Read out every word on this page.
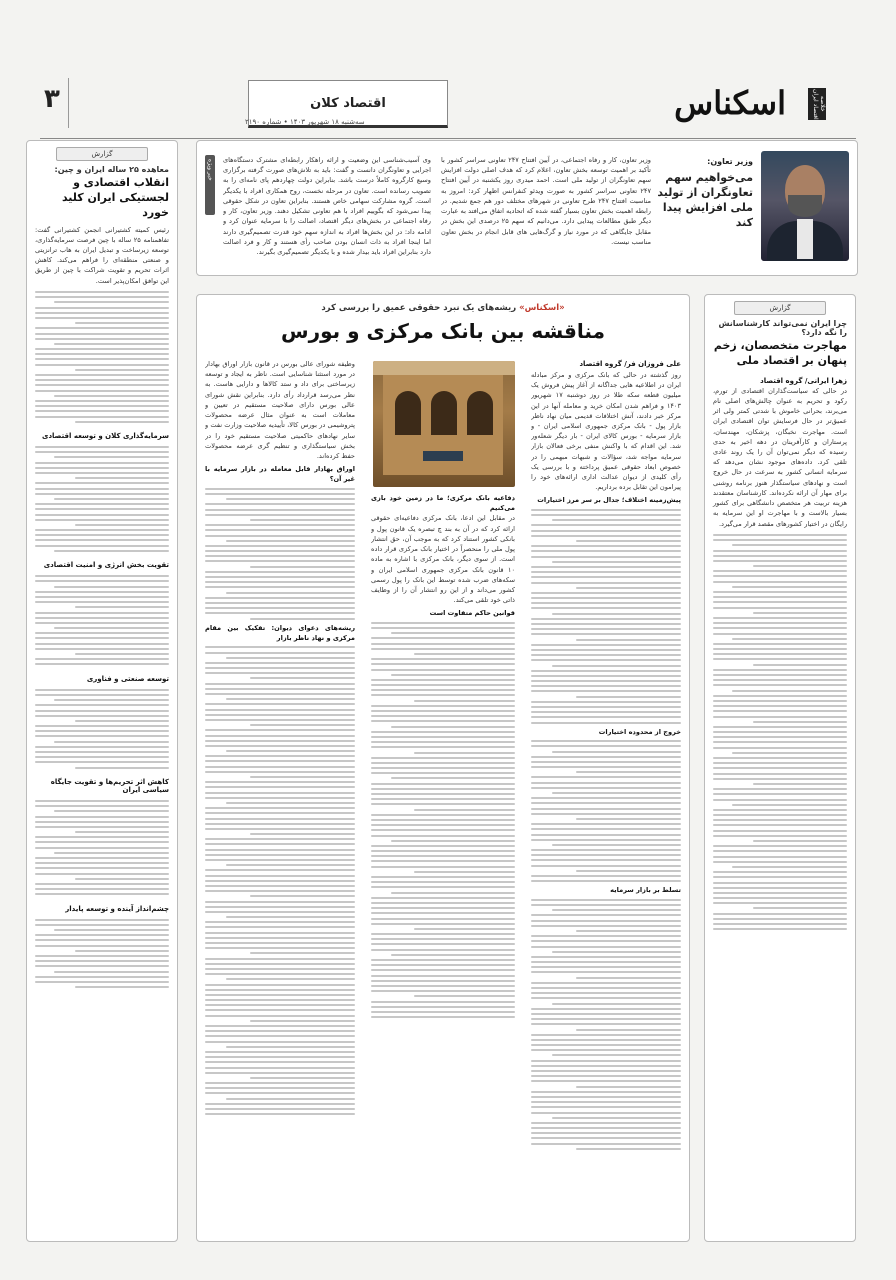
اسکناس	خلاصه اقتصاد ایران
۳	اقتصاد کلان
سه‌شنبه ۱۸ شهریور ۱۴۰۳ • شماره ۲۱۹۰
وزیر تعاون:
می‌خواهیم سهم تعاونگران از تولید ملی افزایش پیدا کند
وزیر تعاون، کار و رفاه اجتماعی، در آیین افتتاح ۲۴۷ تعاونی سراسر کشور با تأکید بر اهمیت توسعه بخش تعاون، اعلام کرد که هدف اصلی دولت افزایش سهم تعاونگران از تولید ملی است. احمد میدری روز یکشنبه در آیین افتتاح ۲۴۷ تعاونی سراسر کشور به صورت ویدئو کنفرانس اظهار کرد: امروز به مناسبت افتتاح ۲۴۷ طرح تعاونی در شهرهای مختلف دور هم جمع شدیم. در رابطه اهمیت بخش تعاون بسیار گفته شده که اتحادیه اتفاق می‌افتد به عبارت دیگر طبق مطالعات پیدایی دارد. می‌دانیم که سهم ۲۵ درصدی این بخش در مقابل جایگاهی که در مورد نیاز و گرگ‌هایی های قابل انجام در بخش تعاون مناسب نیست.
وی آسیب‌شناسی این وضعیت و ارائه راهکار رابطه‌ای مشترک دستگاه‌های اجرایی و تعاونگران دانست و گفت: باید به تلاش‌های صورت گرفته برگزاری وسیع کارگروه کاملاً درست باشد. بنابراین دولت چهاردهم پای نامه‌ای را به تصویب رسانده است. تعاون در مرحله نخست، روح همکاری افراد با یکدیگر است. گروه مشارکت سهامی خاص هستند. بنابراین تعاون در شکل حقوقی پیدا نمی‌شود که بگوییم افراد با هم تعاونی تشکیل دهند. وزیر تعاون، کار و رفاه اجتماعی در بخش‌های دیگر اقتصاد، اصالت را با سرمایه عنوان کرد و ادامه داد: در این بخش‌ها افراد به اندازه سهم خود قدرت تصمیم‌گیری دارند اما اینجا افراد به ذات انسان بودن صاحب رأی هستند و کار و فرد اصالت دارد بنابراین افراد باید بیدار شده و با یکدیگر تصمیم‌گیری بگیرند.
خبر ویژه
گزارش
چرا ایران نمی‌تواند کارشناسانش را نگه دارد؟
مهاجرت متخصصان، زخم پنهان بر اقتصاد ملی
زهرا ایرانی/ گروه اقتصاد
در حالی که سیاست‌گذاران اقتصادی از تورم، رکود و تحریم به عنوان چالش‌های اصلی نام می‌برند، بحرانی خاموش با شدتی کمتر ولی اثر عمیق‌تر در حال فرسایش توان اقتصادی ایران است. مهاجرت نخبگان، پزشکان، مهندسان، پرستاران و کارآفرینان در دهه اخیر به حدی رسیده که دیگر نمی‌توان آن را یک روند عادی تلقی کرد. داده‌های موجود نشان می‌دهد که سرمایه انسانی کشور به سرعت در حال خروج است و نهادهای سیاستگذار هنوز برنامه روشنی برای مهار آن ارائه نکرده‌اند. کارشناسان معتقدند هزینه تربیت هر متخصص دانشگاهی برای کشور بسیار بالاست و با مهاجرت او این سرمایه به رایگان در اختیار کشورهای مقصد قرار می‌گیرد.
گزارش
معاهده ۲۵ ساله ایران و چین:
انقلاب اقتصادی و لجستیکی ایران کلید خورد
رئیس کمیته کشتیرانی انجمن کشتیرانی گفت: تفاهمنامه ۲۵ ساله با چین فرصت سرمایه‌گذاری، توسعه زیرساخت و تبدیل ایران به هاب ترانزیتی و صنعتی منطقه‌ای را فراهم می‌کند. کاهش اثرات تحریم و تقویت شراکت با چین از طریق این توافق امکان‌پذیر است.
سرمایه‌گذاری کلان و توسعه اقتصادی
تقویت بخش انرژی و امنیت اقتصادی
توسعه صنعتی و فناوری
کاهش اثر تحریم‌ها و تقویت جایگاه سیاسی ایران
چشم‌انداز آینده و توسعه پایدار
«اسکناس» ریشه‌های یک نبرد حقوقی عمیق را بررسی کرد
مناقشه بین بانک مرکزی و بورس
علی فروزان فر/ گروه اقتصاد
روز گذشته در حالی که بانک مرکزی و مرکز مبادله ایران در اطلاعیه هایی جداگانه از آغاز پیش فروش یک میلیون قطعه سکه طلا در روز دوشنبه ۱۷ شهریور ۱۴۰۳ و فراهم شدن امکان خرید و معامله آنها در این مرکز خبر دادند، آتش اختلافات قدیمی میان نهاد ناظر بازار پول - بانک مرکزی جمهوری اسلامی ایران - و بازار سرمایه - بورس کالای ایران - بار دیگر شعله‌ور شد. این اقدام که با واکنش منفی برخی فعالان بازار سرمایه مواجه شد، سؤالات و شبهات مبهمی را در خصوص ابعاد حقوقی عمیق پرداخته و با بررسی یک رأی کلیدی از دیوان عدالت اداری ارائه‌های خود را پیرامون این تقابل برده برداریم.
پیش‌زمینه اختلاف؛ جدال بر سر مرز اختیارات
خروج از محدوده اختیارات
تسلط بر بازار سرمایه
دفاعیه بانک مرکزی؛ ما در زمین خود بازی می‌کنیم
در مقابل این ادعا، بانک مرکزی دفاعیه‌ای حقوقی ارائه کرد که در آن به بند چ تبصره یک قانون پول و بانکی کشور استناد کرد که به موجب آن، حق انتشار پول ملی را منحصراً در اختیار بانک مرکزی قرار داده است. از سوی دیگر، بانک مرکزی با اشاره به ماده ۱۰ قانون بانک مرکزی جمهوری اسلامی ایران و سکه‌های ضرب شده توسط این بانک را پول رسمی کشور می‌داند و از این رو انتشار آن را از وظایف ذاتی خود تلقی می‌کند.
قوانین حاکم متفاوت است
وظیفه شورای عالی بورس در قانون بازار اوراق بهادار در مورد استثنا شناسایی است. ناظر به ایجاد و توسعه زیرساختی برای داد و ستد کالاها و دارایی هاست. به نظر می‌رسد قرارداد رأی دارد. بنابراین نقش شورای عالی بورس دارای صلاحیت مستقیم در تعیین و معاملات است به عنوان مثال عرضه محصولات پتروشیمی در بورس کالا، تأییدیه صلاحیت وزارت نفت و سایر نهادهای حاکمیتی صلاحیت مستقیم خود را در بخش سیاستگذاری و تنظیم گری عرضه محصولات حفظ کرده‌اند.
اوراق بهادار قابل معامله در بازار سرمایه با غیر آن؟
ریشه‌های دعوای دیوان: تفکیک بین مقام مرکزی و نهاد ناظر بازار
